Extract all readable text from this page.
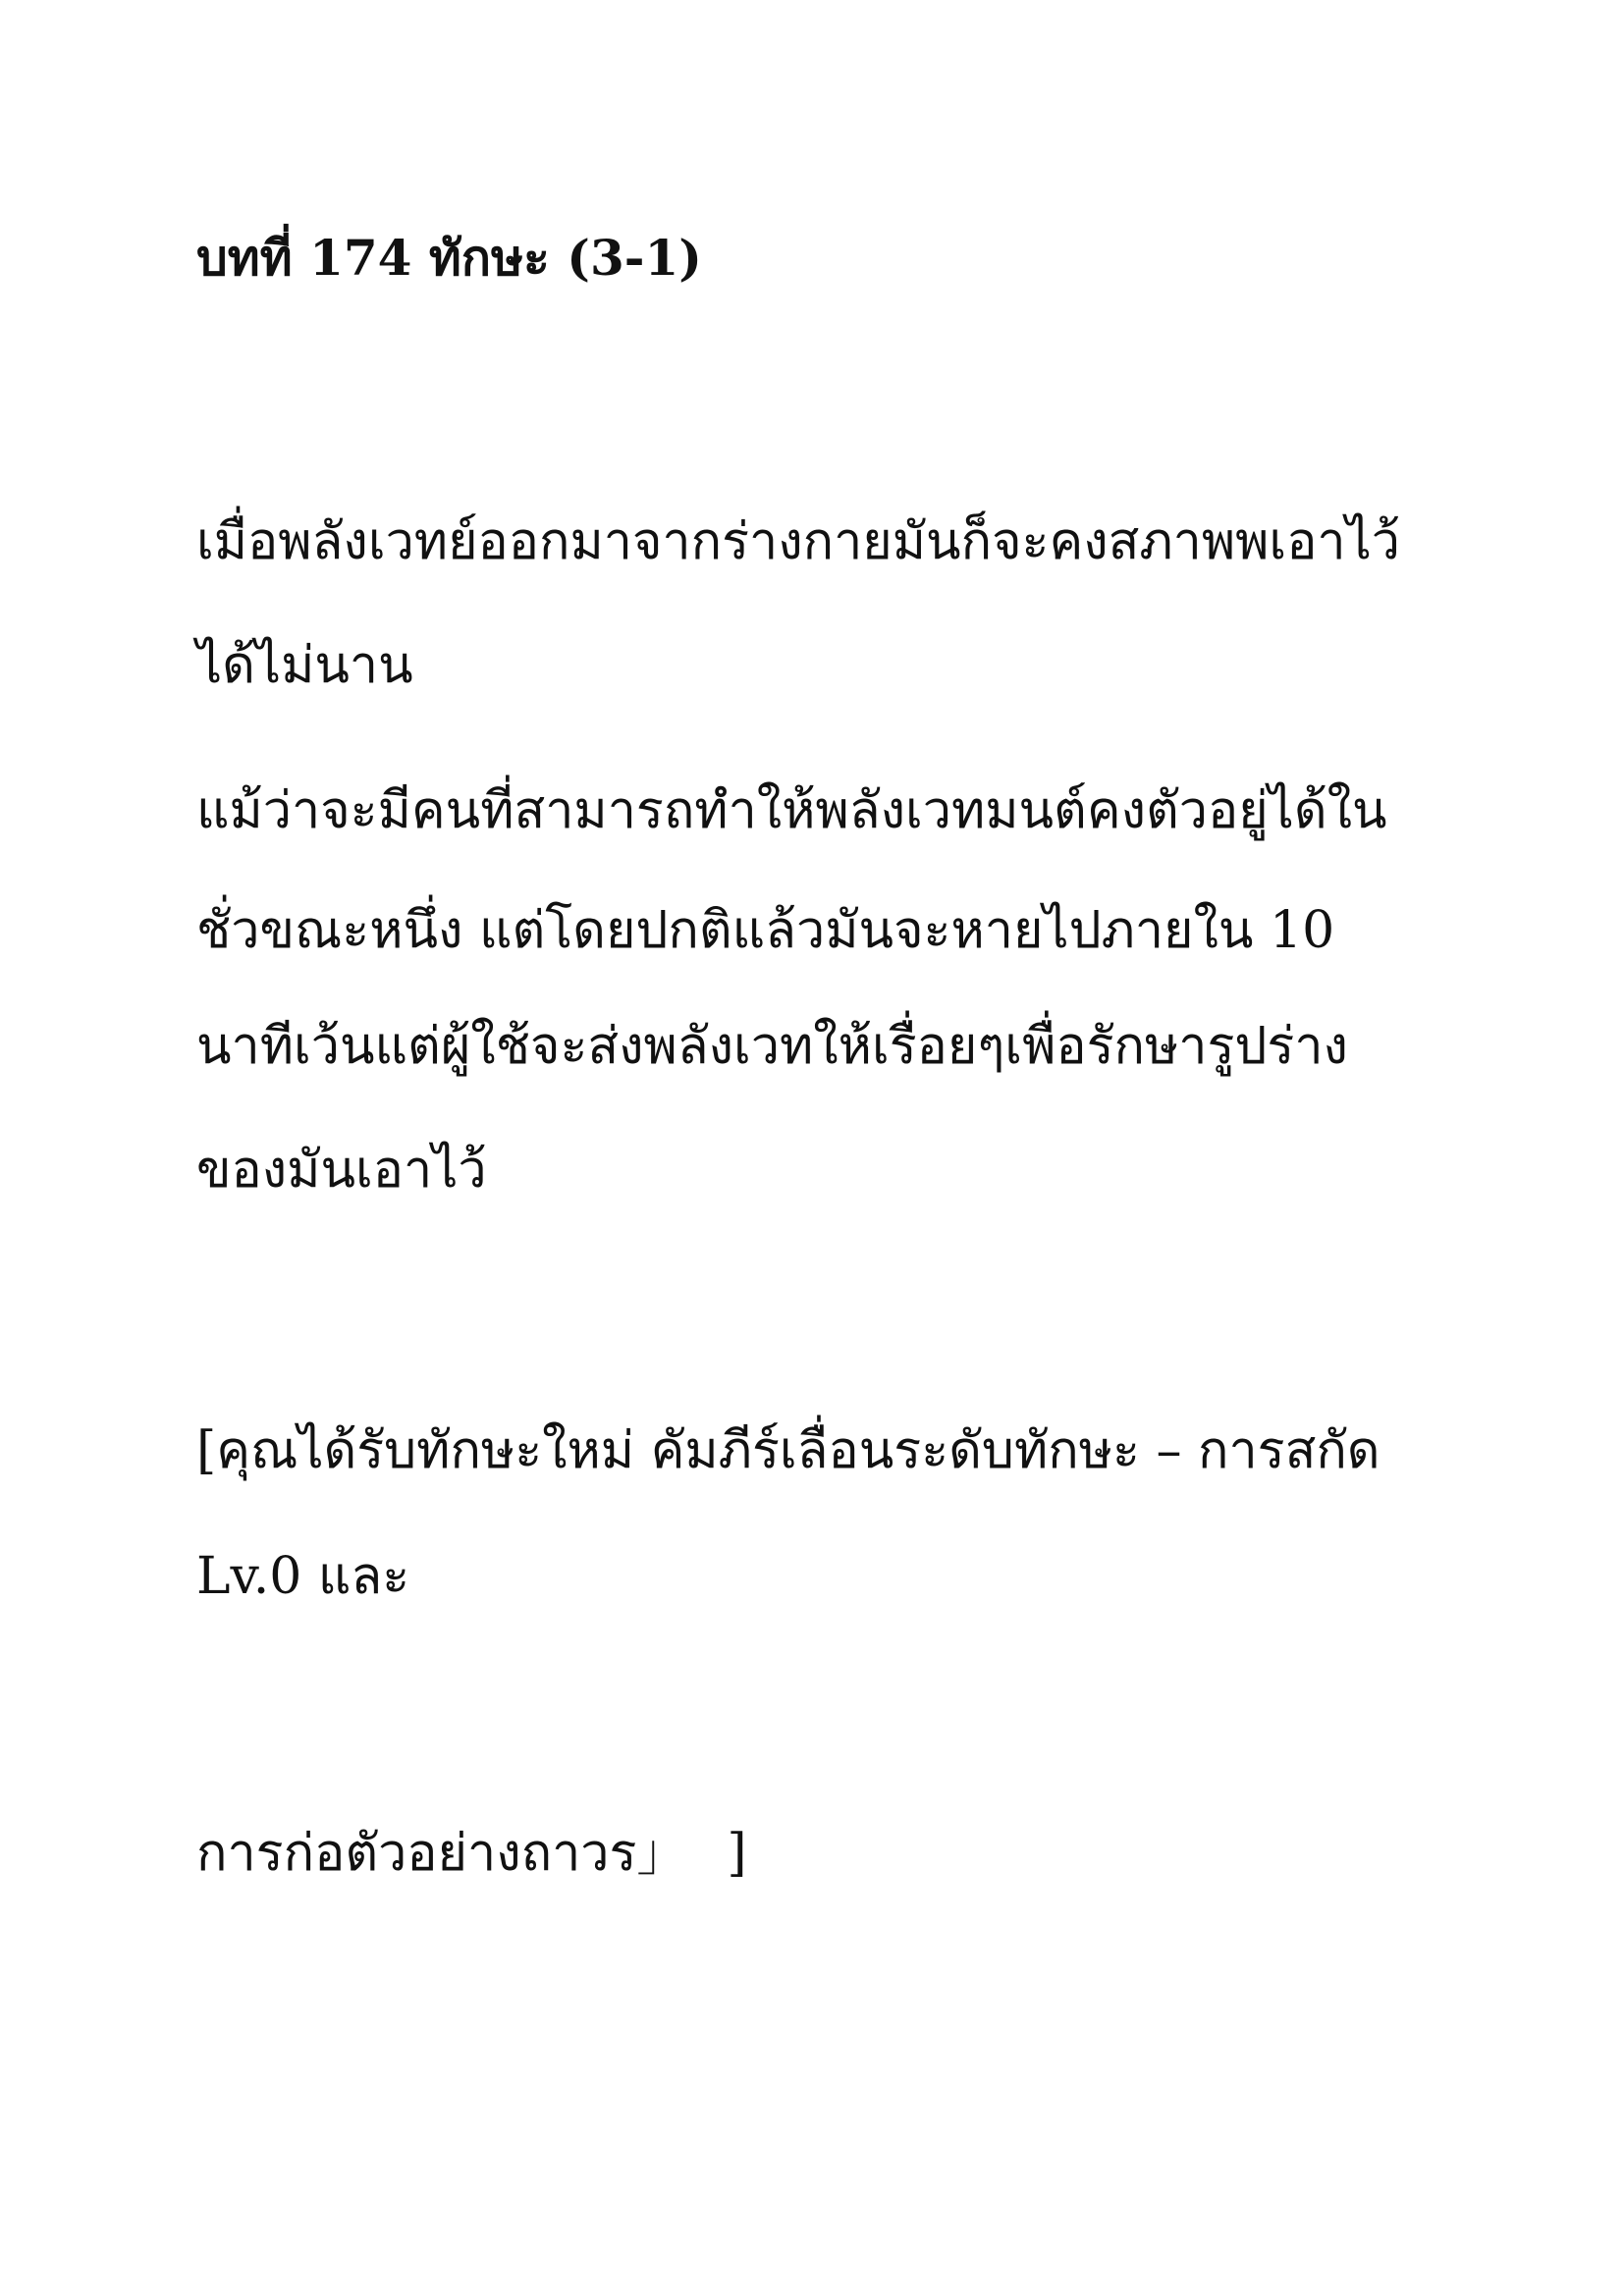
บทที่ 174 ทักษะ (3-1)
เมื่อพลังเวทย์ออกมาจากร่างกายมันก็จะคงสภาพพเอาไว้
ได้ไม่นาน
แม้ว่าจะมีคนที่สามารถทำให้พลังเวทมนต์คงตัวอยู่ได้ใน
ชั่วขณะหนึ่ง แต่โดยปกติแล้วมันจะหายไปภายใน 10
นาทีเว้นแต่ผู้ใช้จะส่งพลังเวทให้เรื่อยๆเพื่อรักษารูปร่าง
ของมันเอาไว้
[คุณได้รับทักษะใหม่ คัมภีร์เลื่อนระดับทักษะ – การสกัด
Lv.0 และ
การก่อตัวอย่างถาวร」 ]
